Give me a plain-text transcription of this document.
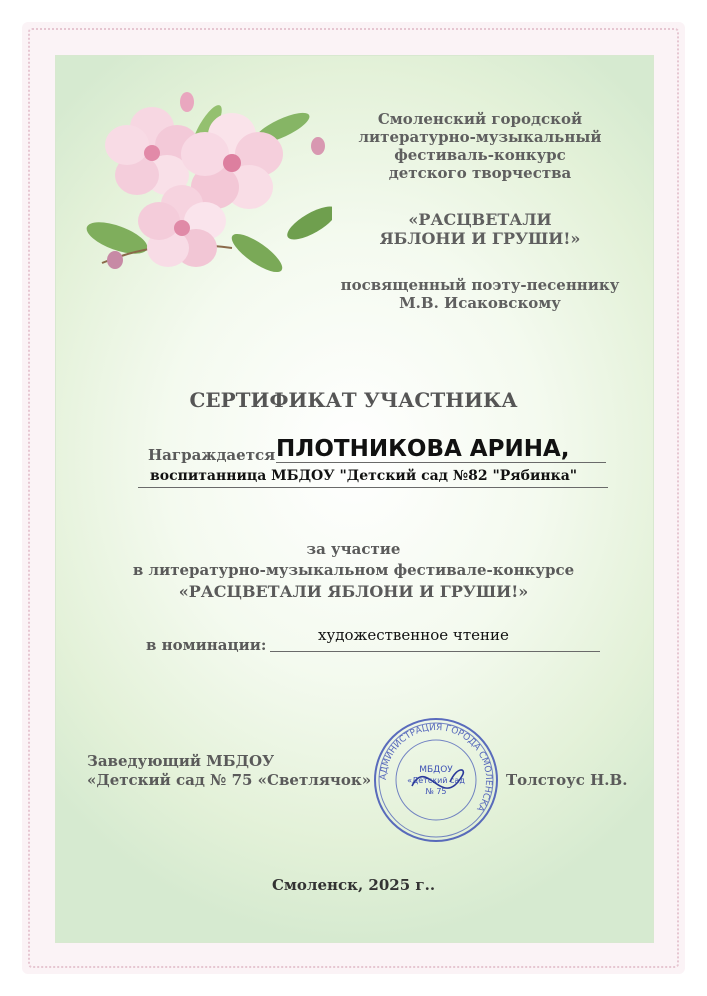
Смоленский городской
литературно-музыкальный
фестиваль-конкурс
детского творчества
«РАСЦВЕТАЛИ
ЯБЛОНИ И ГРУШИ!»
посвященный поэту-песеннику
М.В. Исаковскому
СЕРТИФИКАТ УЧАСТНИКА
Награждается ПЛОТНИКОВА АРИНА,
воспитанница МБДОУ "Детский сад №82 "Рябинка"
за участие
в литературно-музыкальном фестивале-конкурсе
«РАСЦВЕТАЛИ ЯБЛОНИ И ГРУШИ!»
в номинации:
художественное чтение
Заведующий МБДОУ
«Детский сад № 75 «Светлячок»	Толстоус Н.В.
АДМИНИСТРАЦИЯ ГОРОДА СМОЛЕНСКА
МБДОУ
«Детский сад
№ 75
Смоленск, 2025 г..
